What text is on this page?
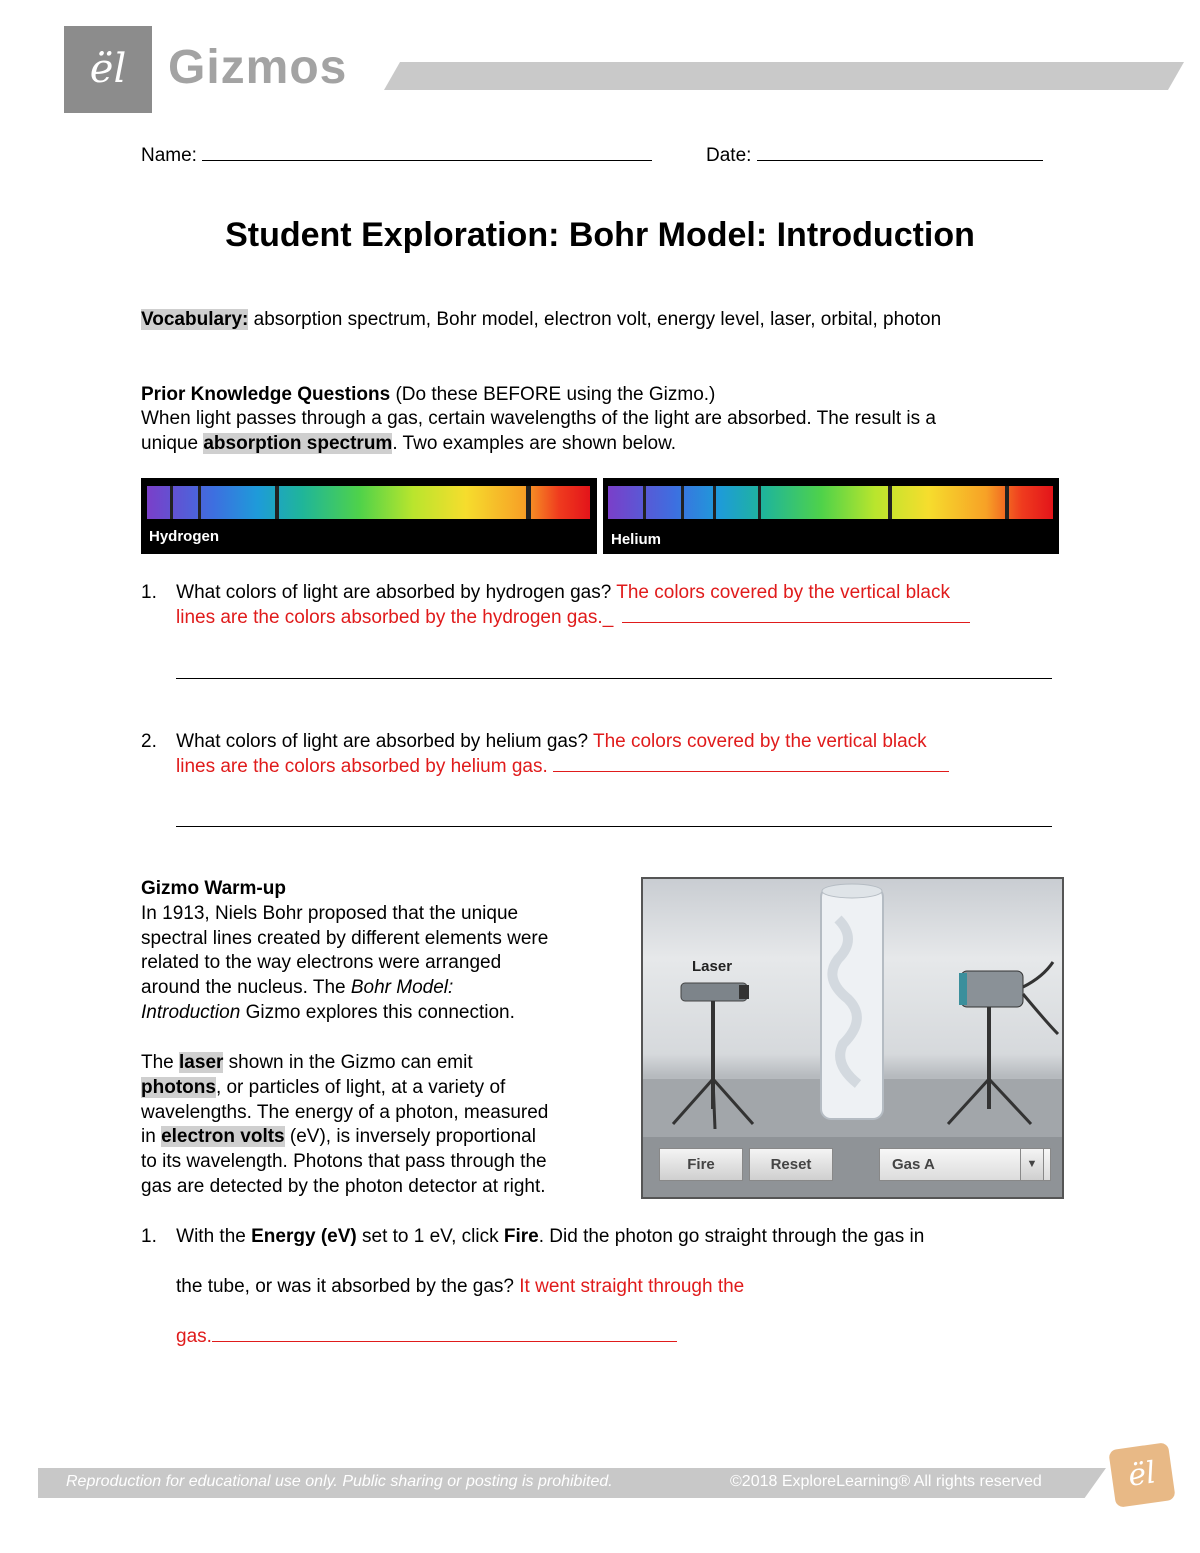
ël Gizmos
Name:	Date:
Student Exploration: Bohr Model: Introduction
Vocabulary: absorption spectrum, Bohr model, electron volt, energy level, laser, orbital, photon
Prior Knowledge Questions (Do these BEFORE using the Gizmo.)
When light passes through a gas, certain wavelengths of the light are absorbed. The result is a
unique absorption spectrum. Two examples are shown below.
Hydrogen	Helium
1. What colors of light are absorbed by hydrogen gas? The colors covered by the vertical black
lines are the colors absorbed by the hydrogen gas._
2. What colors of light are absorbed by helium gas? The colors covered by the vertical black
lines are the colors absorbed by helium gas.
Gizmo Warm-up
In 1913, Niels Bohr proposed that the unique
spectral lines created by different elements were
related to the way electrons were arranged
around the nucleus. The Bohr Model:
Introduction Gizmo explores this connection.
The laser shown in the Gizmo can emit
photons, or particles of light, at a variety of
wavelengths. The energy of a photon, measured
in electron volts (eV), is inversely proportional
to its wavelength. Photons that pass through the
gas are detected by the photon detector at right.
Laser
Fire	Reset	Gas A	▼
1. With the Energy (eV) set to 1 eV, click Fire. Did the photon go straight through the gas in
the tube, or was it absorbed by the gas? It went straight through the
gas.
Reproduction for educational use only. Public sharing or posting is prohibited.	©2018 ExploreLearning® All rights reserved	ël
